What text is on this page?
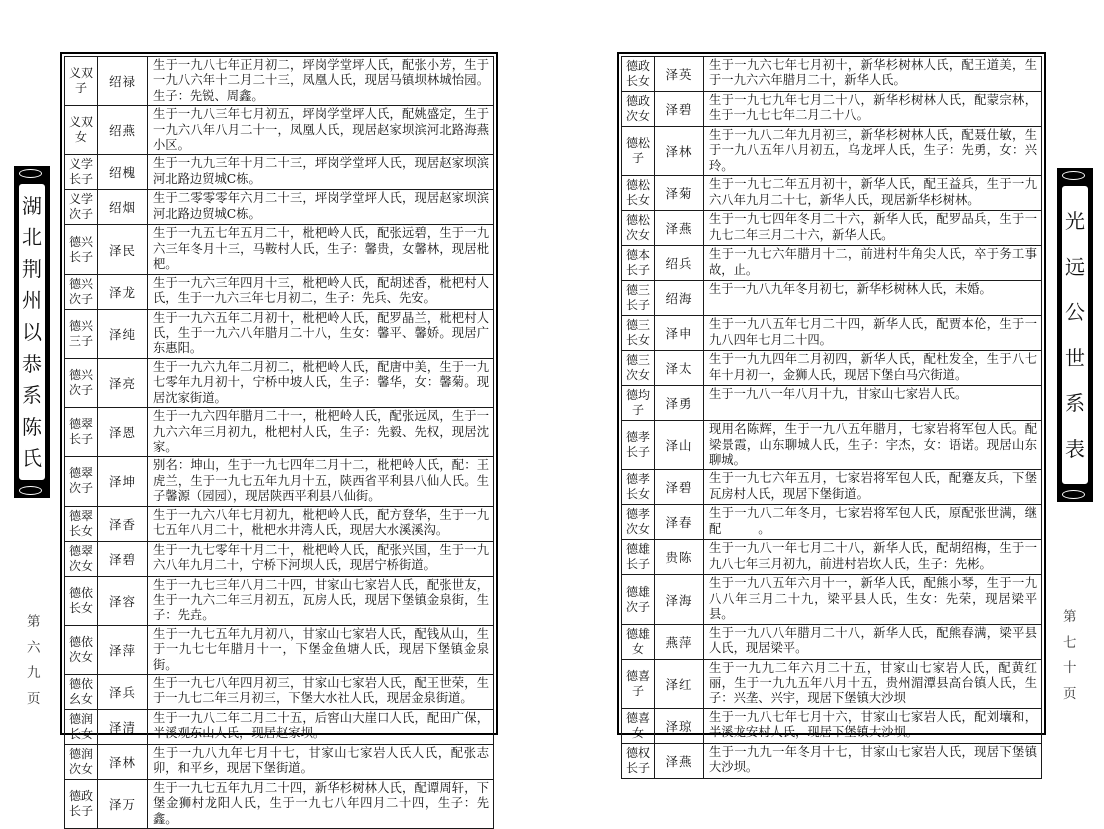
湖
北
荆
州
以
恭
系
陈
氏
第
六
九
页
义双子	绍禄
生于一九八七年正月初二，坪岗学堂坪人氏，配张小芳，生于一九八六年十二月二十三，凤凰人氏，现居马镇坝林城怡园。生子：先锐、周鑫。
义双女	绍燕
生于一九八三年七月初五，坪岗学堂坪人氏，配姚盛定，生于一九六八年八月二十一，凤凰人氏，现居赵家坝滨河北路海燕小区。
义学长子	绍槐
生于一九九三年十月二十三，坪岗学堂坪人氏，现居赵家坝滨河北路边贸城C栋。
义学次子	绍烟
生于二零零零年六月二十三，坪岗学堂坪人氏，现居赵家坝滨河北路边贸城C栋。
德兴长子	泽民
生于一九五七年五月二十，枇杷岭人氏，配张远碧，生于一九六三年冬月十三，马鞍村人氏，生子：馨贵，女馨林，现居枇杷。
德兴次子	泽龙
生于一九六三年四月十三，枇杷岭人氏，配胡述香，枇杷村人氏，生于一九六三年七月初二，生子：先兵、先安。
德兴三子	泽纯
生于一九六五年二月初十，枇杷岭人氏，配罗晶兰，枇杷村人氏，生于一九六八年腊月二十八，生女：馨平、馨娇。现居广东惠阳。
德兴次子	泽亮
生于一九六九年二月初二，枇杷岭人氏，配唐中美，生于一九七零年九月初十，宁桥中坡人氏，生子：馨华，女：馨菊。现居沈家街道。
德翠长子	泽恩
生于一九六四年腊月二十一，枇杷岭人氏，配张远凤，生于一九六六年三月初九，枇杷村人氏，生子：先毅、先权，现居沈家。
德翠次子	泽坤
别名：坤山，生于一九七四年二月十二，枇杷岭人氏，配：王虎兰，生于一九七五年九月十五，陕西省平利县八仙人氏。生子馨源（园园），现居陕西平利县八仙街。
德翠长女	泽香
生于一九六八年七月初九，枇杷岭人氏，配方登华，生于一九七五年八月二十，枇杷水井湾人氏，现居大水溪溪沟。
德翠次女	泽碧
生于一九七零年十月二十，枇杷岭人氏，配张兴国，生于一九六八年九月二十，宁桥下河坝人氏，现居宁桥街道。
德依长女	泽容
生于一九七三年八月二十四，甘家山七家岩人氏，配张世友，生于一九六二年三月初五，瓦房人氏，现居下堡镇金泉街，生子：先垚。
德依次女	泽萍
生于一九七五年九月初八，甘家山七家岩人氏，配钱从山，生于一九七七年腊月十一，下堡金鱼塘人氏，现居下堡镇金泉街。
德依幺女	泽兵
生于一九七八年四月初三，甘家山七家岩人氏，配王世荣，生于一九七二年三月初三，下堡大水社人氏，现居金泉街道。
德润长女	泽清
生于一九八二年二月二十五，后窖山大崖口人氏，配田广保，半溪观东山人氏，现居赵家坝。
德润次女	泽林
生于一九八九年七月十七，甘家山七家岩人氏人氏，配张志卯，和平乡，现居下堡街道。
德政长子	泽万
生于一九七五年九月二十四，新华杉树林人氏，配谭周轩，下堡金狮村龙阳人氏，生于一九七八年四月二十四，生子：先鑫。
德政长女	泽英
生于一九六七年七月初十，新华杉树林人氏，配王道美，生于一九六六年腊月二十，新华人氏。
德政次女	泽碧
生于一九七九年七月二十八，新华杉树林人氏，配蒙宗林，生于一九七七年二月二十八。
德松子	泽林
生于一九八二年九月初三，新华杉树林人氏，配聂仕敏，生于一九八五年八月初五，乌龙坪人氏，生子：先勇，女：兴玲。
德松长女	泽菊
生于一九七二年五月初十，新华人氏，配王益兵，生于一九六八年九月二十七，新华人氏，现居新华杉树林。
德松次女	泽燕
生于一九七四年冬月二十六，新华人氏，配罗品兵，生于一九七二年三月二十六，新华人氏。
德本长子	绍兵
生于一九七六年腊月十二，前进村牛角尖人氏，卒于务工事故，止。
德三长子	绍海
生于一九八九年冬月初七，新华杉树林人氏，未婚。
德三长女	泽申
生于一九八五年七月二十四，新华人氏，配贾本伦，生于一九八四年七月二十四。
德三次女	泽太
生于一九九四年二月初四，新华人氏，配杜发全，生于八七年十月初一，金狮人氏，现居下堡白马穴街道。
德均子	泽勇
生于一九八一年八月十九，甘家山七家岩人氏。
德孝长子	泽山
现用名陈辉，生于一九八五年腊月，七家岩将军包人氏。配梁景霞，山东聊城人氏，生子：宇杰，女：语诺。现居山东聊城。
德孝长女	泽碧
生于一九七六年五月，七家岩将军包人氏，配蹇友兵，下堡瓦房村人氏，现居下堡街道。
德孝次女	泽春
生于一九八二年冬月，七家岩将军包人氏，原配张世满，继配　　　。
德雄长子	贵陈
生于一九八一年七月二十八，新华人氏，配胡绍梅，生于一九八七年三月初九，前进村岩坎人氏，生子：先彬。
德雄次子	泽海
生于一九八五年六月十一，新华人氏，配熊小琴，生于一九八八年三月二十九，梁平县人氏，生女：先荣，现居梁平县。
德雄女	燕萍
生于一九八八年腊月二十八，新华人氏，配熊春满，梁平县人氏，现居梁平。
德喜子	泽红
生于一九九二年六月二十五，甘家山七家岩人氏，配黄红丽，生于一九九五年八月十五，贵州湄潭县高台镇人氏，生子：兴垄、兴宇，现居下堡镇大沙坝
德喜女	泽琼
生于一九八七年七月十六，甘家山七家岩人氏，配刘壤和，半溪龙安村人氏，现居下堡镇大沙坝。
德权长子	泽燕
生于一九九一年冬月十七，甘家山七家岩人氏，现居下堡镇大沙坝。
光
远
公
世
系
表
第
七
十
页
